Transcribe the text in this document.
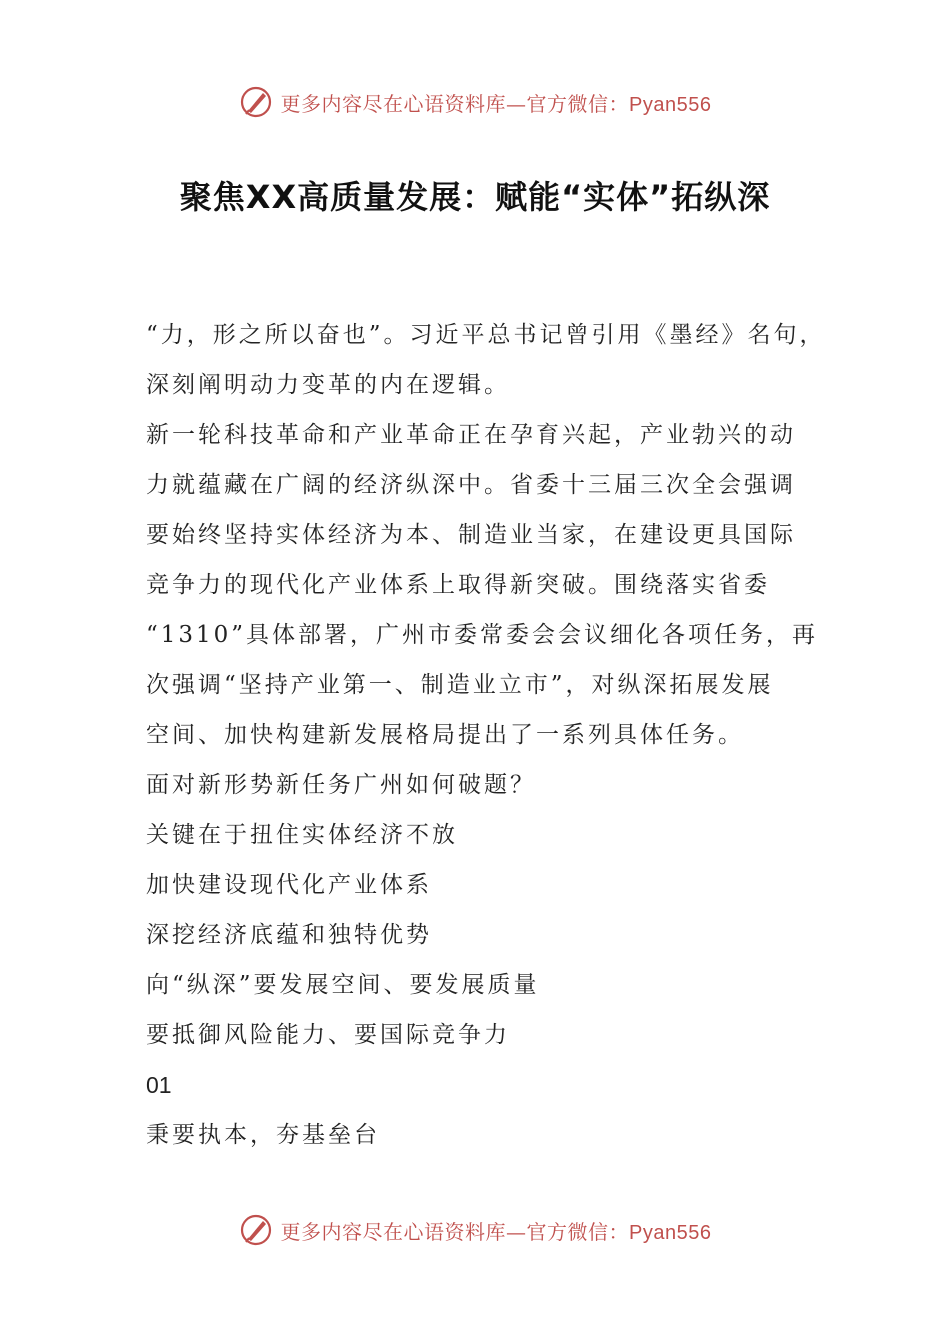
更多内容尽在心语资料库—官方微信：Pyan556
聚焦XX高质量发展：赋能“实体”拓纵深

“力，形之所以奋也”。习近平总书记曾引用《墨经》名句，

深刻阐明动力变革的内在逻辑。

新一轮科技革命和产业革命正在孕育兴起，产业勃兴的动

力就蕴藏在广阔的经济纵深中。省委十三届三次全会强调

要始终坚持实体经济为本、制造业当家，在建设更具国际

竞争力的现代化产业体系上取得新突破。围绕落实省委

“1310”具体部署，广州市委常委会会议细化各项任务，再

次强调“坚持产业第一、制造业立市”，对纵深拓展发展

空间、加快构建新发展格局提出了一系列具体任务。

面对新形势新任务广州如何破题？

关键在于扭住实体经济不放

加快建设现代化产业体系

深挖经济底蕴和独特优势

向“纵深”要发展空间、要发展质量

要抵御风险能力、要国际竞争力

01

秉要执本，夯基垒台

更多内容尽在心语资料库—官方微信：Pyan556
